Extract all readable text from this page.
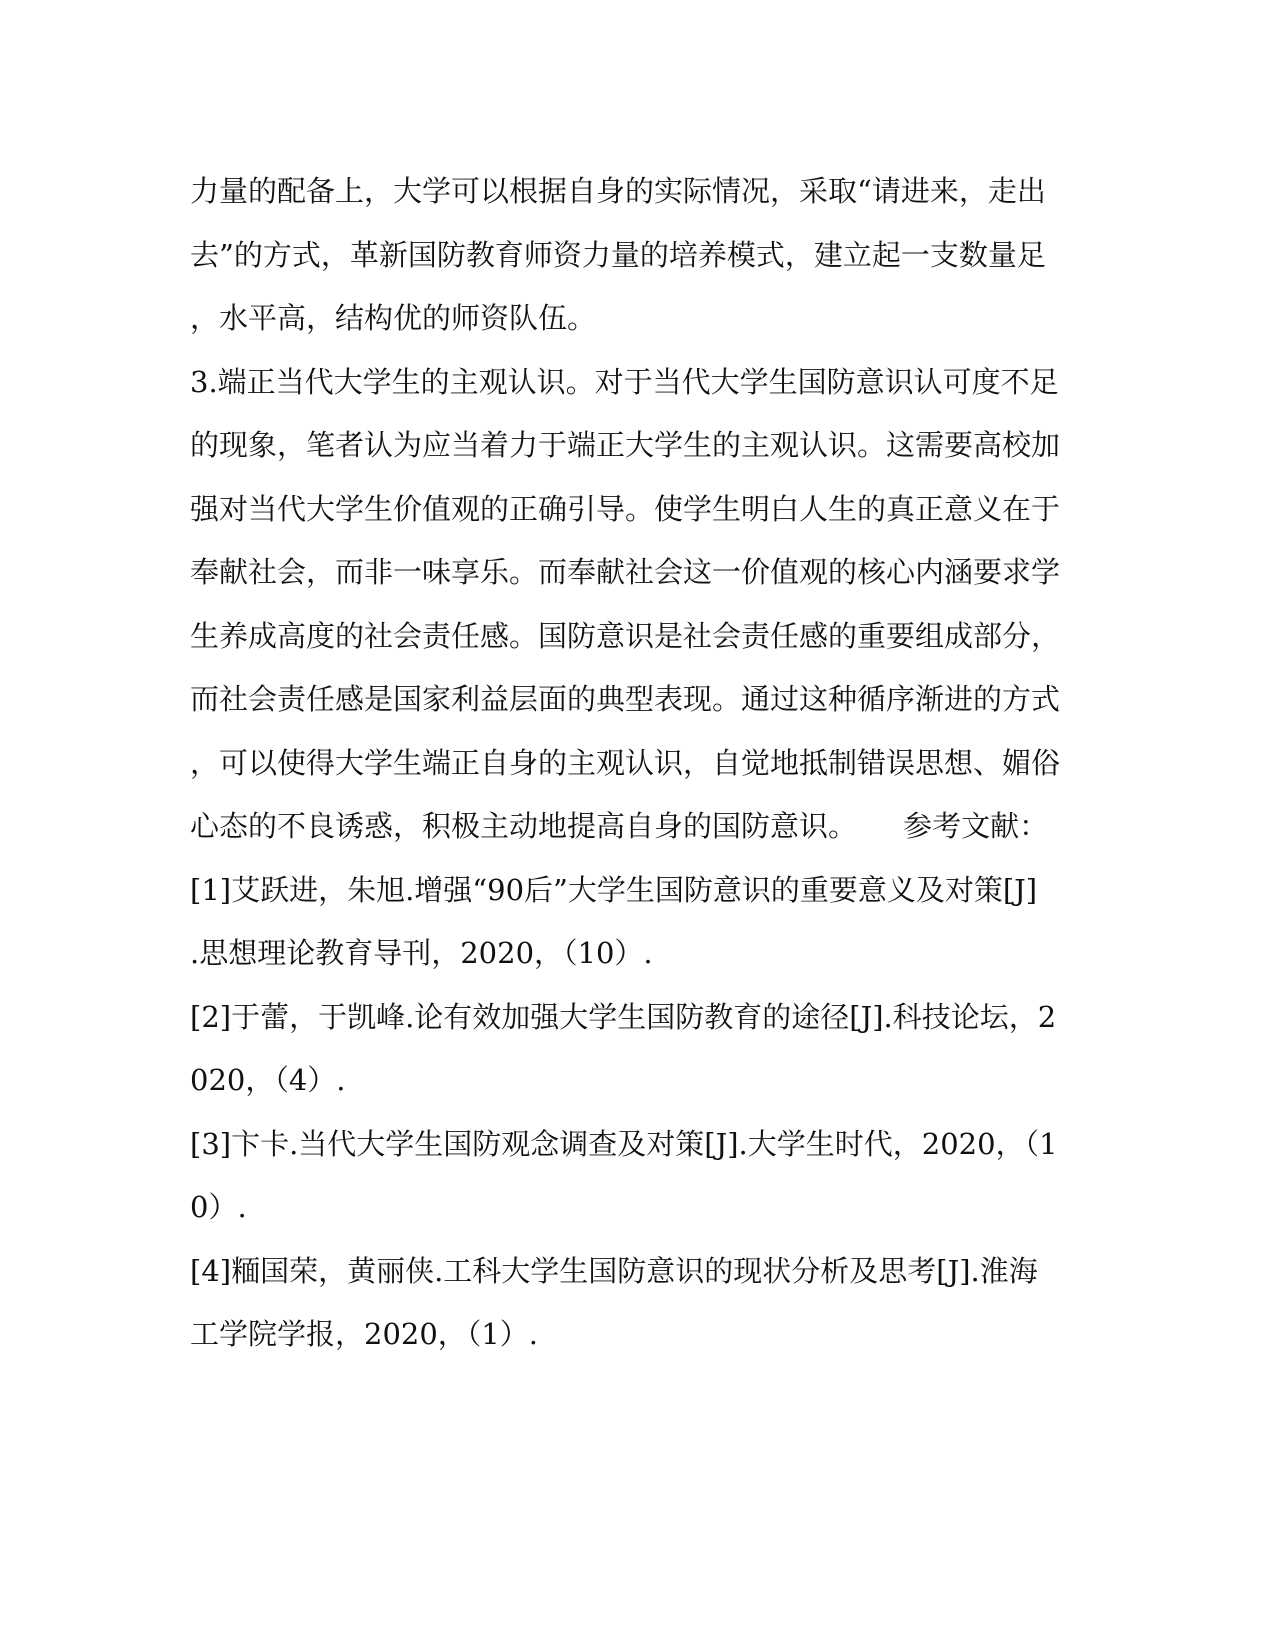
力量的配备上，大学可以根据自身的实际情况，采取“请进来，走出
去”的方式，革新国防教育师资力量的培养模式，建立起一支数量足
，水平高，结构优的师资队伍。
3.端正当代大学生的主观认识。对于当代大学生国防意识认可度不足
的现象，笔者认为应当着力于端正大学生的主观认识。这需要高校加
强对当代大学生价值观的正确引导。使学生明白人生的真正意义在于
奉献社会，而非一味享乐。而奉献社会这一价值观的核心内涵要求学
生养成高度的社会责任感。国防意识是社会责任感的重要组成部分，
而社会责任感是国家利益层面的典型表现。通过这种循序渐进的方式
，可以使得大学生端正自身的主观认识，自觉地抵制错误思想、媚俗
心态的不良诱惑，积极主动地提高自身的国防意识。     参考文献：
[1]艾跃进，朱旭.增强“90后”大学生国防意识的重要意义及对策[J]
.思想理论教育导刊，2020，（10）.
[2]于蕾，于凯峰.论有效加强大学生国防教育的途径[J].科技论坛，2
020，（4）.
[3]卞卡.当代大学生国防观念调查及对策[J].大学生时代，2020，（1
0）.
[4]糆国荣，黄丽侠.工科大学生国防意识的现状分析及思考[J].淮海
工学院学报，2020，（1）.
